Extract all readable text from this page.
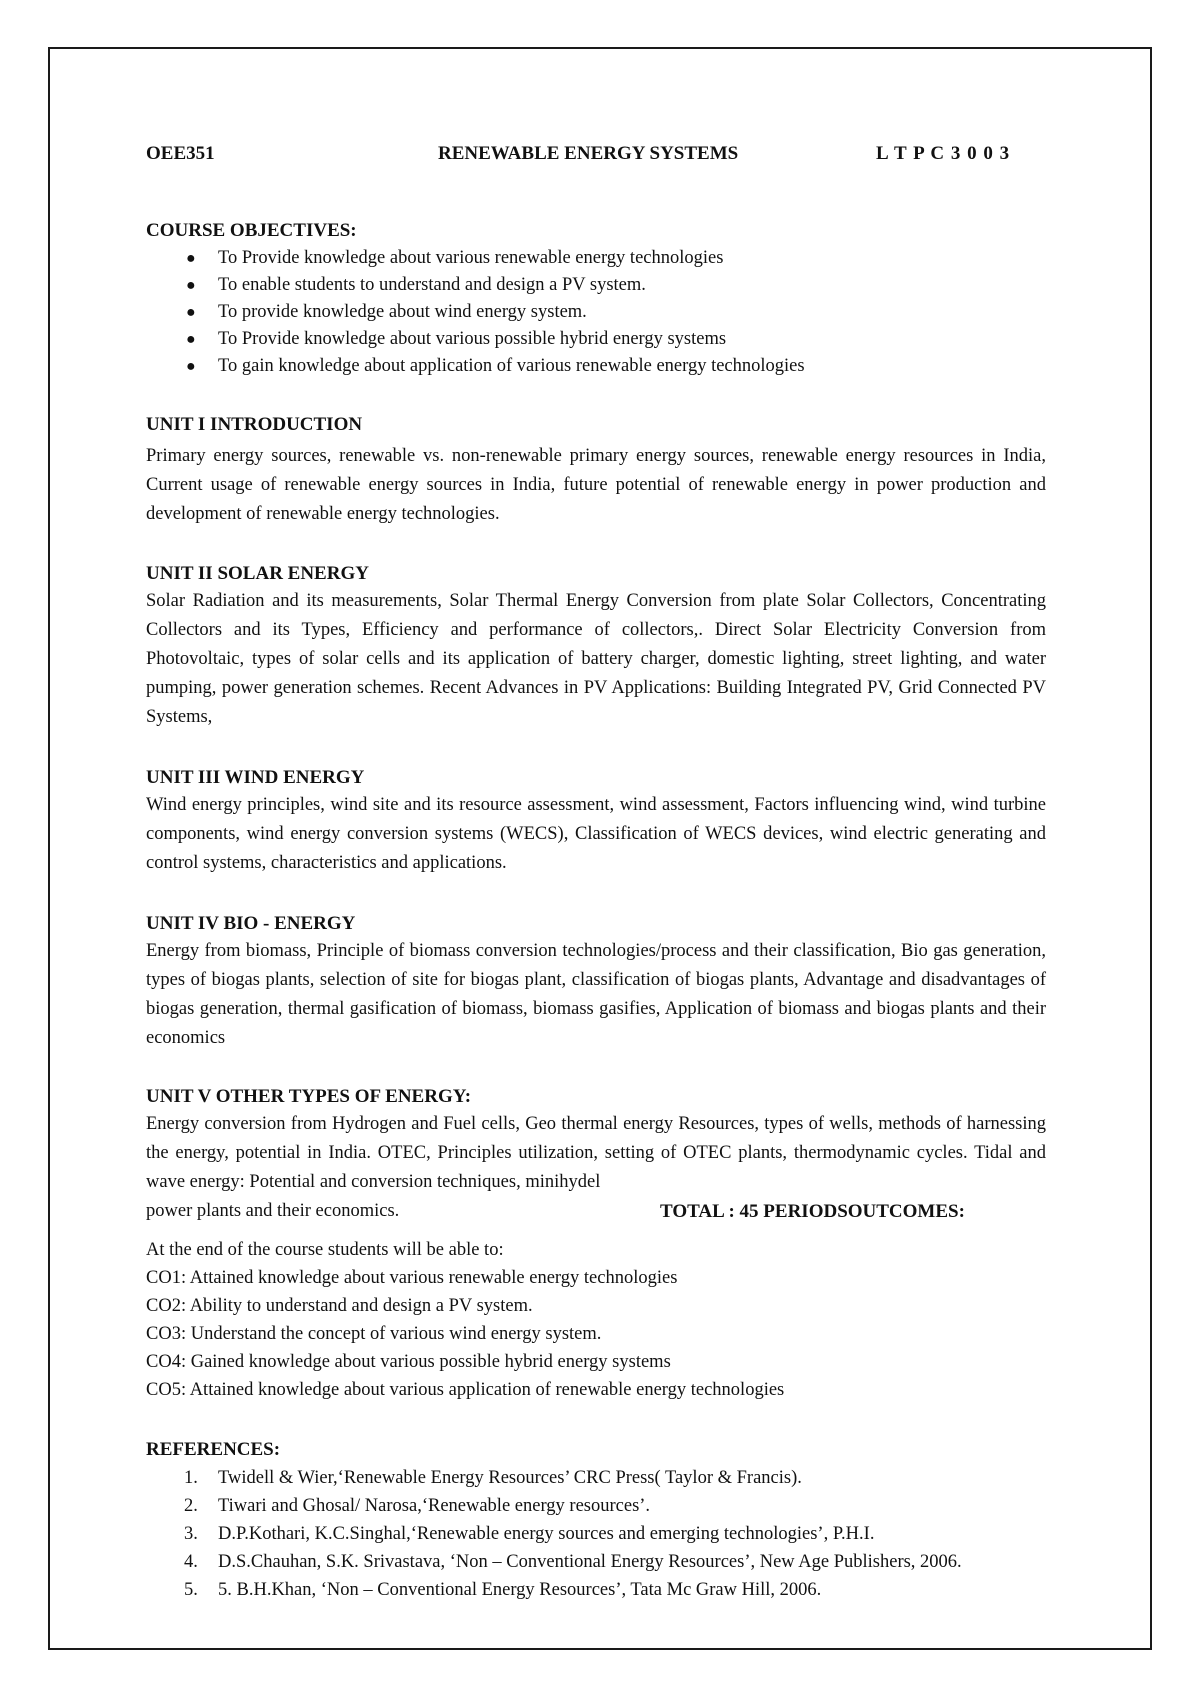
OEE351	RENEWABLE ENERGY SYSTEMS	L T P C 3 0 0 3

COURSE OBJECTIVES:

● To Provide knowledge about various renewable energy technologies
● To enable students to understand and design a PV system.
● To provide knowledge about wind energy system.
● To Provide knowledge about various possible hybrid energy systems
● To gain knowledge about application of various renewable energy technologies

UNIT I INTRODUCTION

Primary energy sources, renewable vs. non-renewable primary energy sources, renewable energy resources in India, Current usage of renewable energy sources in India, future potential of renewable energy in power production and development of renewable energy technologies.

UNIT II SOLAR ENERGY

Solar Radiation and its measurements, Solar Thermal Energy Conversion from plate Solar Collectors, Concentrating Collectors and its Types, Efficiency and performance of collectors,. Direct Solar Electricity Conversion from Photovoltaic, types of solar cells and its application of battery charger, domestic lighting, street lighting, and water pumping, power generation schemes. Recent Advances in PV Applications: Building Integrated PV, Grid Connected PV Systems,

UNIT III WIND ENERGY

Wind energy principles, wind site and its resource assessment, wind assessment, Factors influencing wind, wind turbine components, wind energy conversion systems (WECS), Classification of WECS devices, wind electric generating and control systems, characteristics and applications.

UNIT IV BIO - ENERGY

Energy from biomass, Principle of biomass conversion technologies/process and their classification, Bio gas generation, types of biogas plants, selection of site for biogas plant, classification of biogas plants, Advantage and disadvantages of biogas generation, thermal gasification of biomass, biomass gasifies, Application of biomass and biogas plants and their economics

UNIT V OTHER TYPES OF ENERGY:

Energy conversion from Hydrogen and Fuel cells, Geo thermal energy Resources, types of wells, methods of harnessing the energy, potential in India. OTEC, Principles utilization, setting of OTEC plants, thermodynamic cycles. Tidal and wave energy: Potential and conversion techniques, minihydel

power plants and their economics.	TOTAL : 45 PERIODSOUTCOMES:
At the end of the course students will be able to:
CO1: Attained knowledge about various renewable energy technologies
CO2: Ability to understand and design a PV system.
CO3: Understand the concept of various wind energy system.
CO4: Gained knowledge about various possible hybrid energy systems
CO5: Attained knowledge about various application of renewable energy technologies

REFERENCES:

1. Twidell & Wier,‘Renewable Energy Resources’ CRC Press( Taylor & Francis).
2. Tiwari and Ghosal/ Narosa,‘Renewable energy resources’.
3. D.P.Kothari, K.C.Singhal,‘Renewable energy sources and emerging technologies’, P.H.I.
4. D.S.Chauhan, S.K. Srivastava, ‘Non – Conventional Energy Resources’, New Age Publishers, 2006.
5. 5. B.H.Khan, ‘Non – Conventional Energy Resources’, Tata Mc Graw Hill, 2006.
